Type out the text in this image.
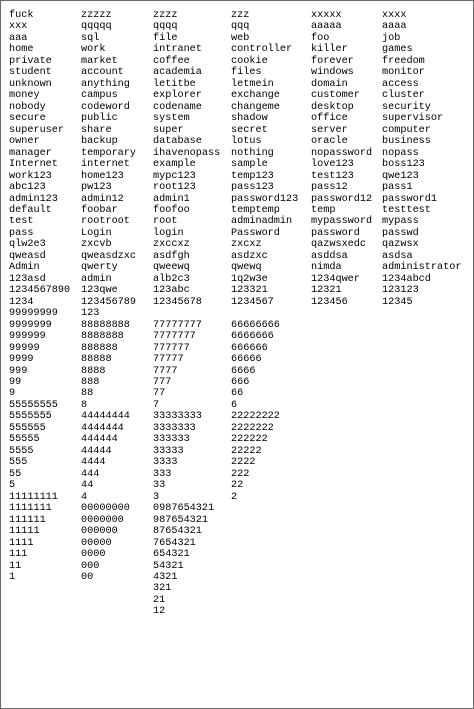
fuck
xxx
aaa
home
private
student
unknown
money
nobody
secure
superuser
owner
manager
Internet
work123
abc123
admin123
default
test
pass
qlw2e3
qweasd
Admin
123asd
1234567890
1234
99999999
9999999
999999
99999
9999
999
99
9
55555555
5555555
555555
55555
5555
555
55
5
11111111
1111111
111111
11111
1111
111
11
1
zzzzz
qqqqq
sql
work
market
account
anything
campus
codeword
public
share
backup
temporary
internet
home123
pw123
admin12
foobar
rootroot
Login
zxcvb
qweasdzxc
qwerty
admin
123qwe
123456789
123
88888888
8888888
888888
88888
8888
888
88
8
44444444
4444444
444444
44444
4444
444
44
4
00000000
0000000
000000
00000
0000
000
00
zzzz
qqqq
file
intranet
coffee
academia
letitbe
explorer
codename
system
super
database
ihavenopass
example
mypc123
root123
admin1
foofoo
root
login
zxccxz
asdfgh
qweewq
alb2c3
123abc
12345678
77777777
7777777
777777
77777
7777
777
77
7
33333333
3333333
333333
33333
3333
333
33
3
0987654321
987654321
87654321
7654321
654321
54321
4321
321
21
12
zzz
qqq
web
controller
cookie
files
letmein
exchange
changeme
shadow
secret
lotus
nothing
sample
temp123
pass123
password123
temptemp
adminadmin
Password
zxcxz
asdzxc
qwewq
1q2w3e
123321
1234567
66666666
6666666
666666
66666
6666
666
66
6
22222222
2222222
222222
22222
2222
222
22
2
xxxxx
aaaaa
foo
killer
forever
windows
domain
customer
desktop
office
server
oracle
nopassword
love123
test123
pass12
password12
temp
mypassword
password
qazwsxedc
asddsa
nimda
1234qwer
12321
123456
xxxx
aaaa
job
games
freedom
monitor
access
cluster
security
supervisor
computer
business
nopass
boss123
qwe123
pass1
password1
testtest
mypass
passwd
qazwsx
asdsa
administrator
1234abcd
123123
12345
